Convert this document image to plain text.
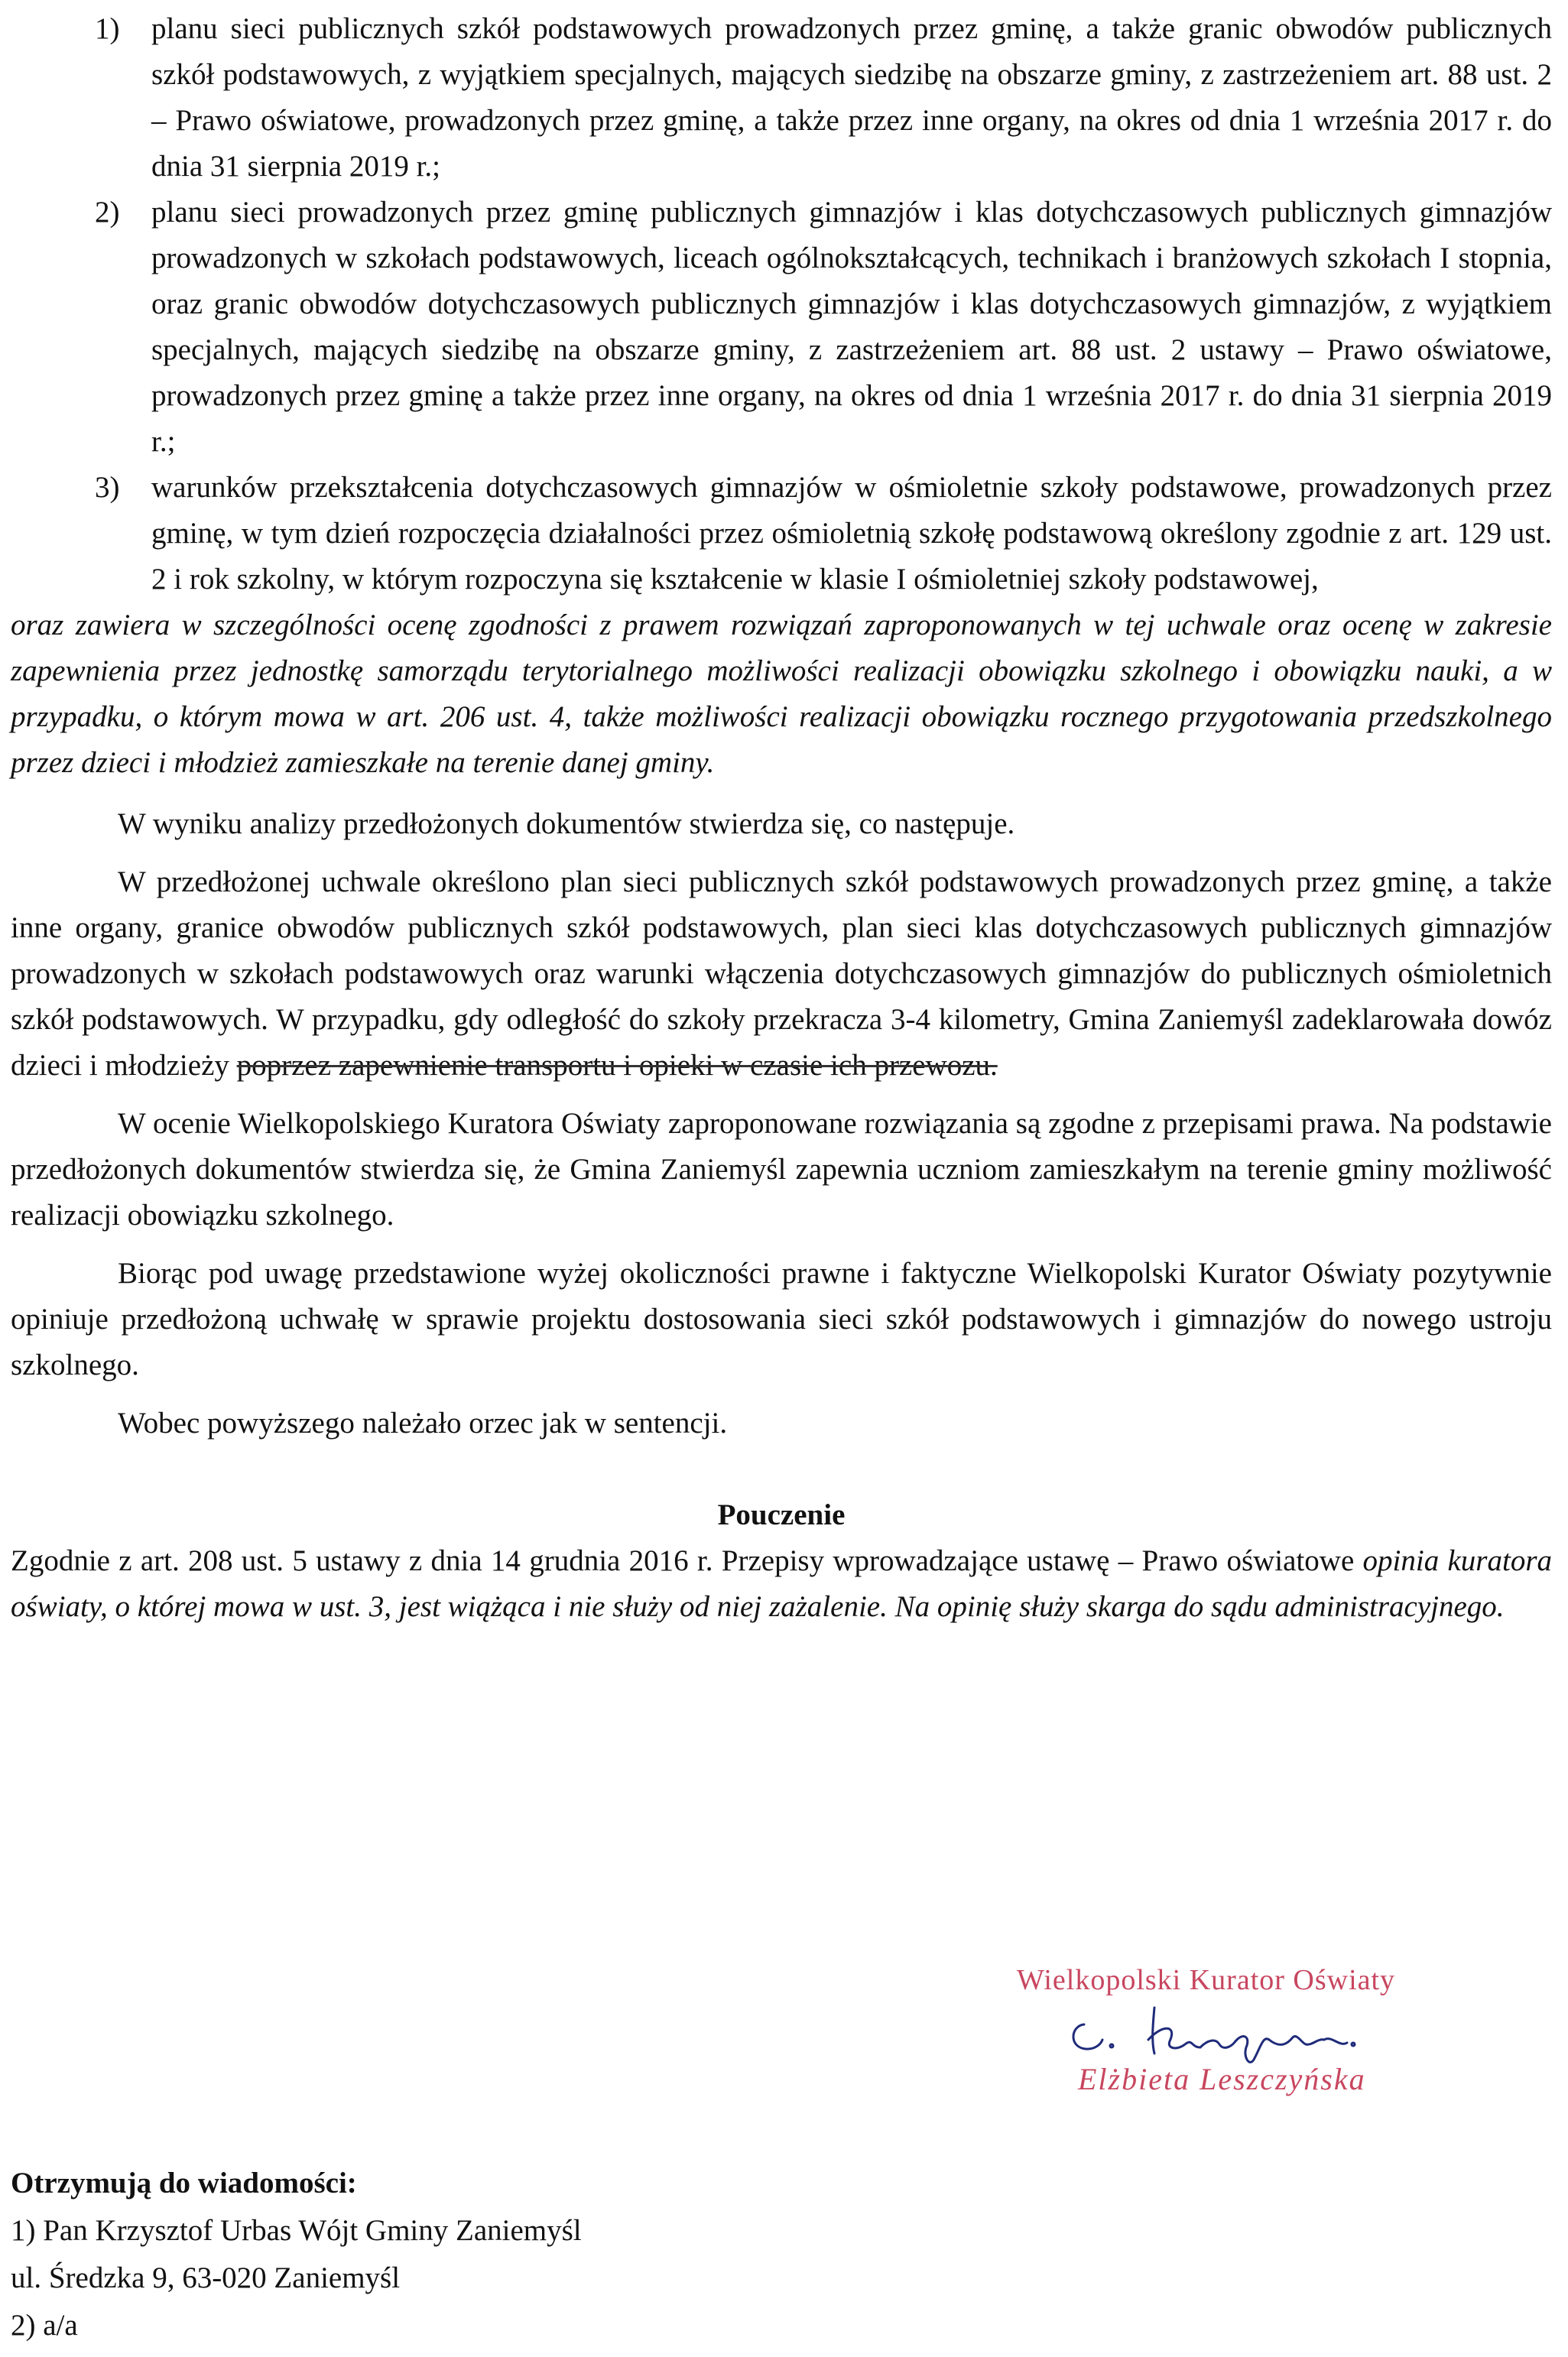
1) planu sieci publicznych szkół podstawowych prowadzonych przez gminę, a także granic obwodów publicznych szkół podstawowych, z wyjątkiem specjalnych, mających siedzibę na obszarze gminy, z zastrzeżeniem art. 88 ust. 2 – Prawo oświatowe, prowadzonych przez gminę, a także przez inne organy, na okres od dnia 1 września 2017 r. do dnia 31 sierpnia 2019 r.;
2) planu sieci prowadzonych przez gminę publicznych gimnazjów i klas dotychczasowych publicznych gimnazjów prowadzonych w szkołach podstawowych, liceach ogólnokształcących, technikach i branżowych szkołach I stopnia, oraz granic obwodów dotychczasowych publicznych gimnazjów i klas dotychczasowych gimnazjów, z wyjątkiem specjalnych, mających siedzibę na obszarze gminy, z zastrzeżeniem art. 88 ust. 2 ustawy – Prawo oświatowe, prowadzonych przez gminę a także przez inne organy, na okres od dnia 1 września 2017 r. do dnia 31 sierpnia 2019 r.;
3) warunków przekształcenia dotychczasowych gimnazjów w ośmioletnie szkoły podstawowe, prowadzonych przez gminę, w tym dzień rozpoczęcia działalności przez ośmioletnią szkołę podstawową określony zgodnie z art. 129 ust. 2 i rok szkolny, w którym rozpoczyna się kształcenie w klasie I ośmioletniej szkoły podstawowej,

oraz zawiera w szczególności ocenę zgodności z prawem rozwiązań zaproponowanych w tej uchwale oraz ocenę w zakresie zapewnienia przez jednostkę samorządu terytorialnego możliwości realizacji obowiązku szkolnego i obowiązku nauki, a w przypadku, o którym mowa w art. 206 ust. 4, także możliwości realizacji obowiązku rocznego przygotowania przedszkolnego przez dzieci i młodzież zamieszkałe na terenie danej gminy.

W wyniku analizy przedłożonych dokumentów stwierdza się, co następuje.

W przedłożonej uchwale określono plan sieci publicznych szkół podstawowych prowadzonych przez gminę, a także inne organy, granice obwodów publicznych szkół podstawowych, plan sieci klas dotychczasowych publicznych gimnazjów prowadzonych w szkołach podstawowych oraz warunki włączenia dotychczasowych gimnazjów do publicznych ośmioletnich szkół podstawowych. W przypadku, gdy odległość do szkoły przekracza 3-4 kilometry, Gmina Zaniemyśl zadeklarowała dowóz dzieci i młodzieży poprzez zapewnienie transportu i opieki w czasie ich przewozu.

W ocenie Wielkopolskiego Kuratora Oświaty zaproponowane rozwiązania są zgodne z przepisami prawa. Na podstawie przedłożonych dokumentów stwierdza się, że Gmina Zaniemyśl zapewnia uczniom zamieszkałym na terenie gminy możliwość realizacji obowiązku szkolnego.

Biorąc pod uwagę przedstawione wyżej okoliczności prawne i faktyczne Wielkopolski Kurator Oświaty pozytywnie opiniuje przedłożoną uchwałę w sprawie projektu dostosowania sieci szkół podstawowych i gimnazjów do nowego ustroju szkolnego.

Wobec powyższego należało orzec jak w sentencji.

Pouczenie

Zgodnie z art. 208 ust. 5 ustawy z dnia 14 grudnia 2016 r. Przepisy wprowadzające ustawę – Prawo oświatowe opinia kuratora oświaty, o której mowa w ust. 3, jest wiążąca i nie służy od niej zażalenie. Na opinię służy skarga do sądu administracyjnego.

Wielkopolski Kurator Oświaty
Elżbieta Leszczyńska
Otrzymują do wiadomości:
1) Pan Krzysztof Urbas Wójt Gminy Zaniemyśl
ul. Średzka 9, 63-020 Zaniemyśl
2) a/a
